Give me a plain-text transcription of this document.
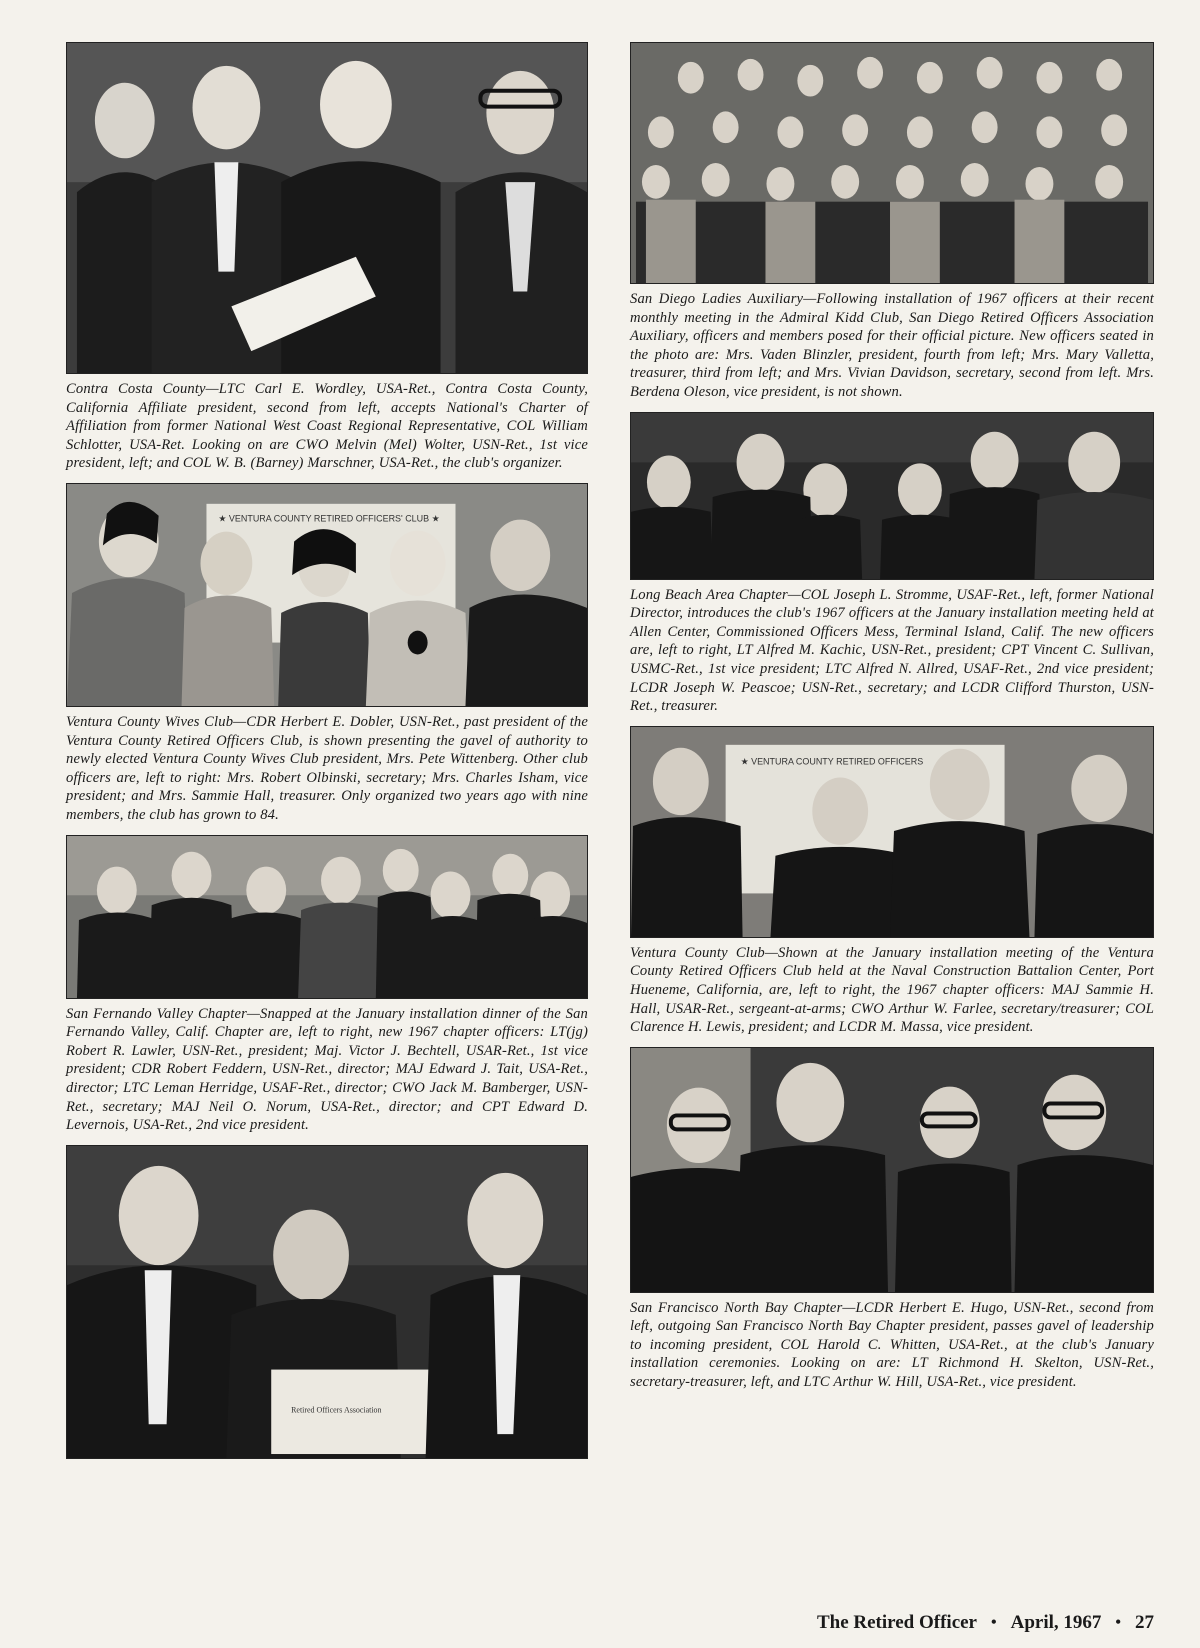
Contra Costa County—LTC Carl E. Wordley, USA-Ret., Contra Costa County, California Affiliate president, second from left, accepts National's Charter of Affiliation from former National West Coast Regional Representative, COL William Schlotter, USA-Ret. Looking on are CWO Melvin (Mel) Wolter, USN-Ret., 1st vice president, left; and COL W. B. (Barney) Marschner, USA-Ret., the club's organizer.
★ VENTURA COUNTY RETIRED OFFICERS' CLUB ★
Ventura County Wives Club—CDR Herbert E. Dobler, USN-Ret., past president of the Ventura County Retired Officers Club, is shown presenting the gavel of authority to newly elected Ventura County Wives Club president, Mrs. Pete Wittenberg. Other club officers are, left to right: Mrs. Robert Olbinski, secretary; Mrs. Charles Isham, vice president; and Mrs. Sammie Hall, treasurer. Only organized two years ago with nine members, the club has grown to 84.
San Fernando Valley Chapter—Snapped at the January installation dinner of the San Fernando Valley, Calif. Chapter are, left to right, new 1967 chapter officers: LT(jg) Robert R. Lawler, USN-Ret., president; Maj. Victor J. Bechtell, USAR-Ret., 1st vice president; CDR Robert Feddern, USN-Ret., director; MAJ Edward J. Tait, USA-Ret., director; LTC Leman Herridge, USAF-Ret., director; CWO Jack M. Bamberger, USN-Ret., secretary; MAJ Neil O. Norum, USA-Ret., director; and CPT Edward D. Levernois, USA-Ret., 2nd vice president.
Retired Officers Association
San Diego Ladies Auxiliary—Following installation of 1967 officers at their recent monthly meeting in the Admiral Kidd Club, San Diego Retired Officers Association Auxiliary, officers and members posed for their official picture. New officers seated in the photo are: Mrs. Vaden Blinzler, president, fourth from left; Mrs. Mary Valletta, treasurer, third from left; and Mrs. Vivian Davidson, secretary, second from left. Mrs. Berdena Oleson, vice president, is not shown.
Long Beach Area Chapter—COL Joseph L. Stromme, USAF-Ret., left, former National Director, introduces the club's 1967 officers at the January installation meeting held at Allen Center, Commissioned Officers Mess, Terminal Island, Calif. The new officers are, left to right, LT Alfred M. Kachic, USN-Ret., president; CPT Vincent C. Sullivan, USMC-Ret., 1st vice president; LTC Alfred N. Allred, USAF-Ret., 2nd vice president; LCDR Joseph W. Peascoe; USN-Ret., secretary; and LCDR Clifford Thurston, USN-Ret., treasurer.
★ VENTURA COUNTY RETIRED OFFICERS
Ventura County Club—Shown at the January installation meeting of the Ventura County Retired Officers Club held at the Naval Construction Battalion Center, Port Hueneme, California, are, left to right, the 1967 chapter officers: MAJ Sammie H. Hall, USAR-Ret., sergeant-at-arms; CWO Arthur W. Farlee, secretary/treasurer; COL Clarence H. Lewis, president; and LCDR M. Massa, vice president.
San Francisco North Bay Chapter—LCDR Herbert E. Hugo, USN-Ret., second from left, outgoing San Francisco North Bay Chapter president, passes gavel of leadership to incoming president, COL Harold C. Whitten, USA-Ret., at the club's January installation ceremonies. Looking on are: LT Richmond H. Skelton, USN-Ret., secretary-treasurer, left, and LTC Arthur W. Hill, USA-Ret., vice president.
The Retired Officer • April, 1967 • 27
